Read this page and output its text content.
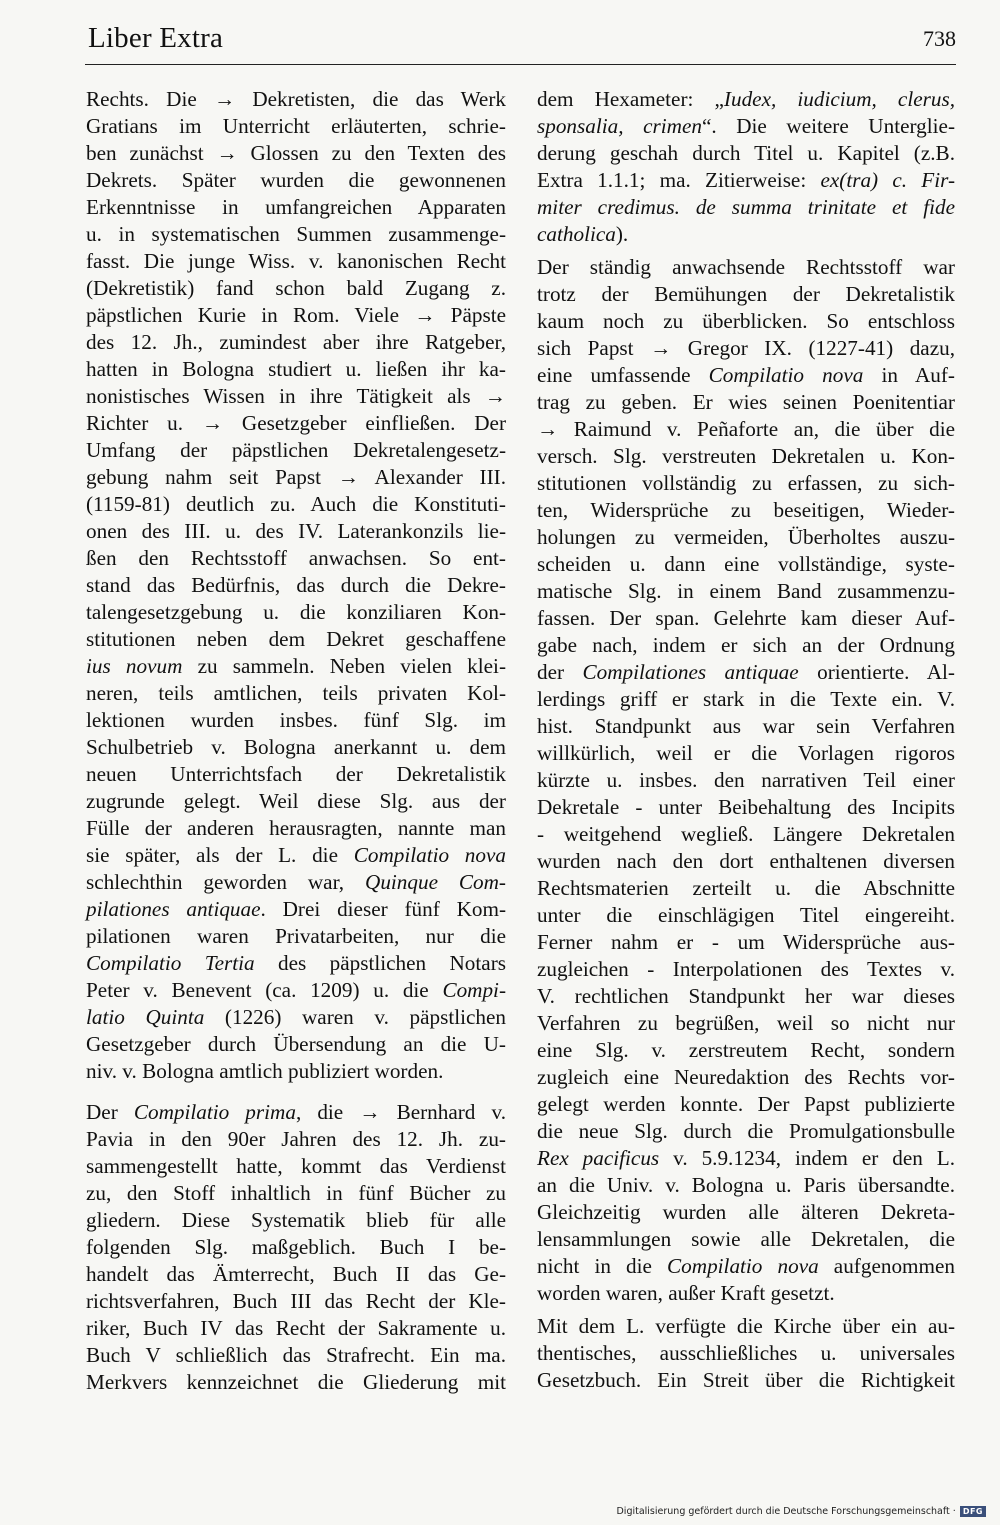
Liber Extra	738
Rechts. Die → Dekretisten, die das Werk
Gratians im Unterricht erläuterten, schrie-
ben zunächst → Glossen zu den Texten des
Dekrets. Später wurden die gewonnenen
Erkenntnisse in umfangreichen Apparaten
u. in systematischen Summen zusammenge-
fasst. Die junge Wiss. v. kanonischen Recht
(Dekretistik) fand schon bald Zugang z.
päpstlichen Kurie in Rom. Viele → Päpste
des 12. Jh., zumindest aber ihre Ratgeber,
hatten in Bologna studiert u. ließen ihr ka-
nonistisches Wissen in ihre Tätigkeit als →
Richter u. → Gesetzgeber einfließen. Der
Umfang der päpstlichen Dekretalengesetz-
gebung nahm seit Papst → Alexander III.
(1159-81) deutlich zu. Auch die Konstituti-
onen des III. u. des IV. Laterankonzils lie-
ßen den Rechtsstoff anwachsen. So ent-
stand das Bedürfnis, das durch die Dekre-
talengesetzgebung u. die konziliaren Kon-
stitutionen neben dem Dekret geschaffene
ius novum zu sammeln. Neben vielen klei-
neren, teils amtlichen, teils privaten Kol-
lektionen wurden insbes. fünf Slg. im
Schulbetrieb v. Bologna anerkannt u. dem
neuen Unterrichtsfach der Dekretalistik
zugrunde gelegt. Weil diese Slg. aus der
Fülle der anderen herausragten, nannte man
sie später, als der L. die Compilatio nova
schlechthin geworden war, Quinque Com-
pilationes antiquae. Drei dieser fünf Kom-
pilationen waren Privatarbeiten, nur die
Compilatio Tertia des päpstlichen Notars
Peter v. Benevent (ca. 1209) u. die Compi-
latio Quinta (1226) waren v. päpstlichen
Gesetzgeber durch Übersendung an die U-
niv. v. Bologna amtlich publiziert worden.
Der Compilatio prima, die → Bernhard v.
Pavia in den 90er Jahren des 12. Jh. zu-
sammengestellt hatte, kommt das Verdienst
zu, den Stoff inhaltlich in fünf Bücher zu
gliedern. Diese Systematik blieb für alle
folgenden Slg. maßgeblich. Buch I be-
handelt das Ämterrecht, Buch II das Ge-
richtsverfahren, Buch III das Recht der Kle-
riker, Buch IV das Recht der Sakramente u.
Buch V schließlich das Strafrecht. Ein ma.
Merkvers kennzeichnet die Gliederung mit
dem Hexameter: „Iudex, iudicium, clerus,
sponsalia, crimen“. Die weitere Unterglie-
derung geschah durch Titel u. Kapitel (z.B.
Extra 1.1.1; ma. Zitierweise: ex(tra) c. Fir-
miter credimus. de summa trinitate et fide
catholica).
Der ständig anwachsende Rechtsstoff war
trotz der Bemühungen der Dekretalistik
kaum noch zu überblicken. So entschloss
sich Papst → Gregor IX. (1227-41) dazu,
eine umfassende Compilatio nova in Auf-
trag zu geben. Er wies seinen Poenitentiar
→ Raimund v. Peñaforte an, die über die
versch. Slg. verstreuten Dekretalen u. Kon-
stitutionen vollständig zu erfassen, zu sich-
ten, Widersprüche zu beseitigen, Wieder-
holungen zu vermeiden, Überholtes auszu-
scheiden u. dann eine vollständige, syste-
matische Slg. in einem Band zusammenzu-
fassen. Der span. Gelehrte kam dieser Auf-
gabe nach, indem er sich an der Ordnung
der Compilationes antiquae orientierte. Al-
lerdings griff er stark in die Texte ein. V.
hist. Standpunkt aus war sein Verfahren
willkürlich, weil er die Vorlagen rigoros
kürzte u. insbes. den narrativen Teil einer
Dekretale - unter Beibehaltung des Incipits
- weitgehend wegließ. Längere Dekretalen
wurden nach den dort enthaltenen diversen
Rechtsmaterien zerteilt u. die Abschnitte
unter die einschlägigen Titel eingereiht.
Ferner nahm er - um Widersprüche aus-
zugleichen - Interpolationen des Textes v.
V. rechtlichen Standpunkt her war dieses
Verfahren zu begrüßen, weil so nicht nur
eine Slg. v. zerstreutem Recht, sondern
zugleich eine Neuredaktion des Rechts vor-
gelegt werden konnte. Der Papst publizierte
die neue Slg. durch die Promulgationsbulle
Rex pacificus v. 5.9.1234, indem er den L.
an die Univ. v. Bologna u. Paris übersandte.
Gleichzeitig wurden alle älteren Dekreta-
lensammlungen sowie alle Dekretalen, die
nicht in die Compilatio nova aufgenommen
worden waren, außer Kraft gesetzt.
Mit dem L. verfügte die Kirche über ein au-
thentisches, ausschließliches u. universales
Gesetzbuch. Ein Streit über die Richtigkeit
Digitalisierung gefördert durch die Deutsche Forschungsgemeinschaft · DFG
